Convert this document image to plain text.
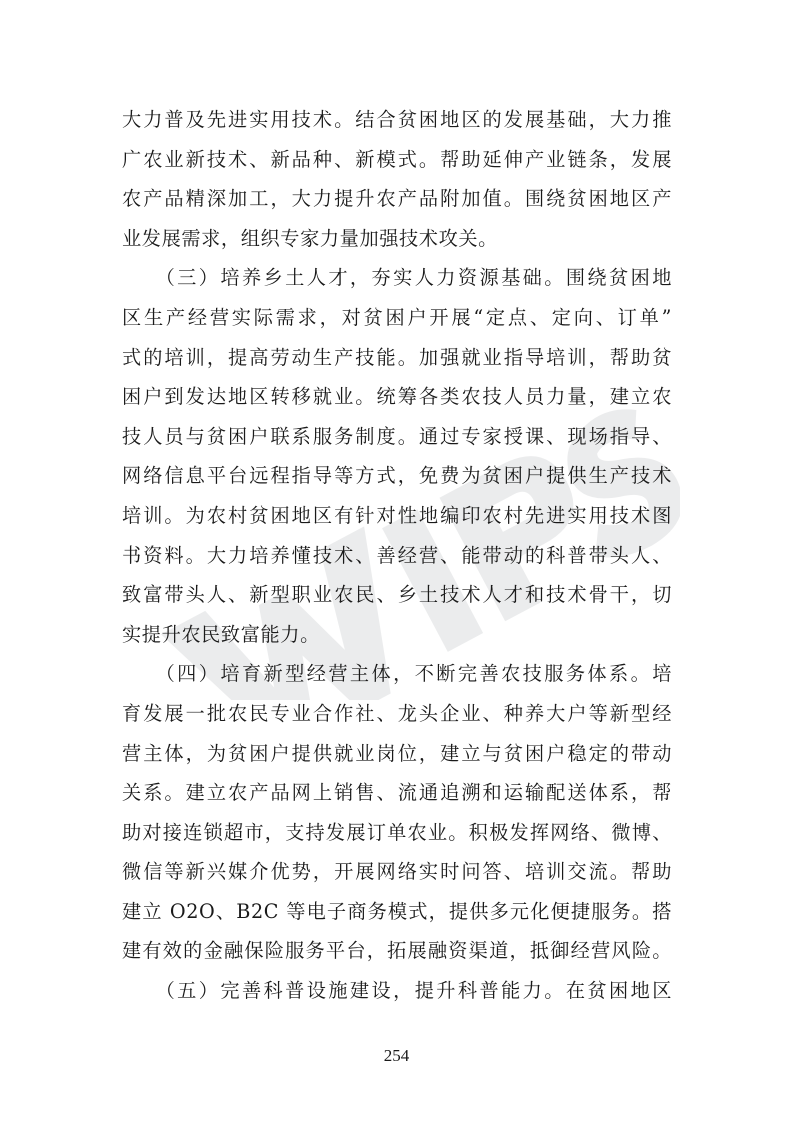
大力普及先进实用技术。结合贫困地区的发展基础，大力推
广农业新技术、新品种、新模式。帮助延伸产业链条，发展
农产品精深加工，大力提升农产品附加值。围绕贫困地区产
业发展需求，组织专家力量加强技术攻关。
　　（三）培养乡土人才，夯实人力资源基础。围绕贫困地
区生产经营实际需求，对贫困户开展“定点、定向、订单”
式的培训，提高劳动生产技能。加强就业指导培训，帮助贫
困户到发达地区转移就业。统筹各类农技人员力量，建立农
技人员与贫困户联系服务制度。通过专家授课、现场指导、
网络信息平台远程指导等方式，免费为贫困户提供生产技术
培训。为农村贫困地区有针对性地编印农村先进实用技术图
书资料。大力培养懂技术、善经营、能带动的科普带头人、
致富带头人、新型职业农民、乡土技术人才和技术骨干，切
实提升农民致富能力。
　　（四）培育新型经营主体，不断完善农技服务体系。培
育发展一批农民专业合作社、龙头企业、种养大户等新型经
营主体，为贫困户提供就业岗位，建立与贫困户稳定的带动
关系。建立农产品网上销售、流通追溯和运输配送体系，帮
助对接连锁超市，支持发展订单农业。积极发挥网络、微博、
微信等新兴媒介优势，开展网络实时问答、培训交流。帮助
建立 O2O、B2C 等电子商务模式，提供多元化便捷服务。搭
建有效的金融保险服务平台，拓展融资渠道，抵御经营风险。
　　（五）完善科普设施建设，提升科普能力。在贫困地区
254
